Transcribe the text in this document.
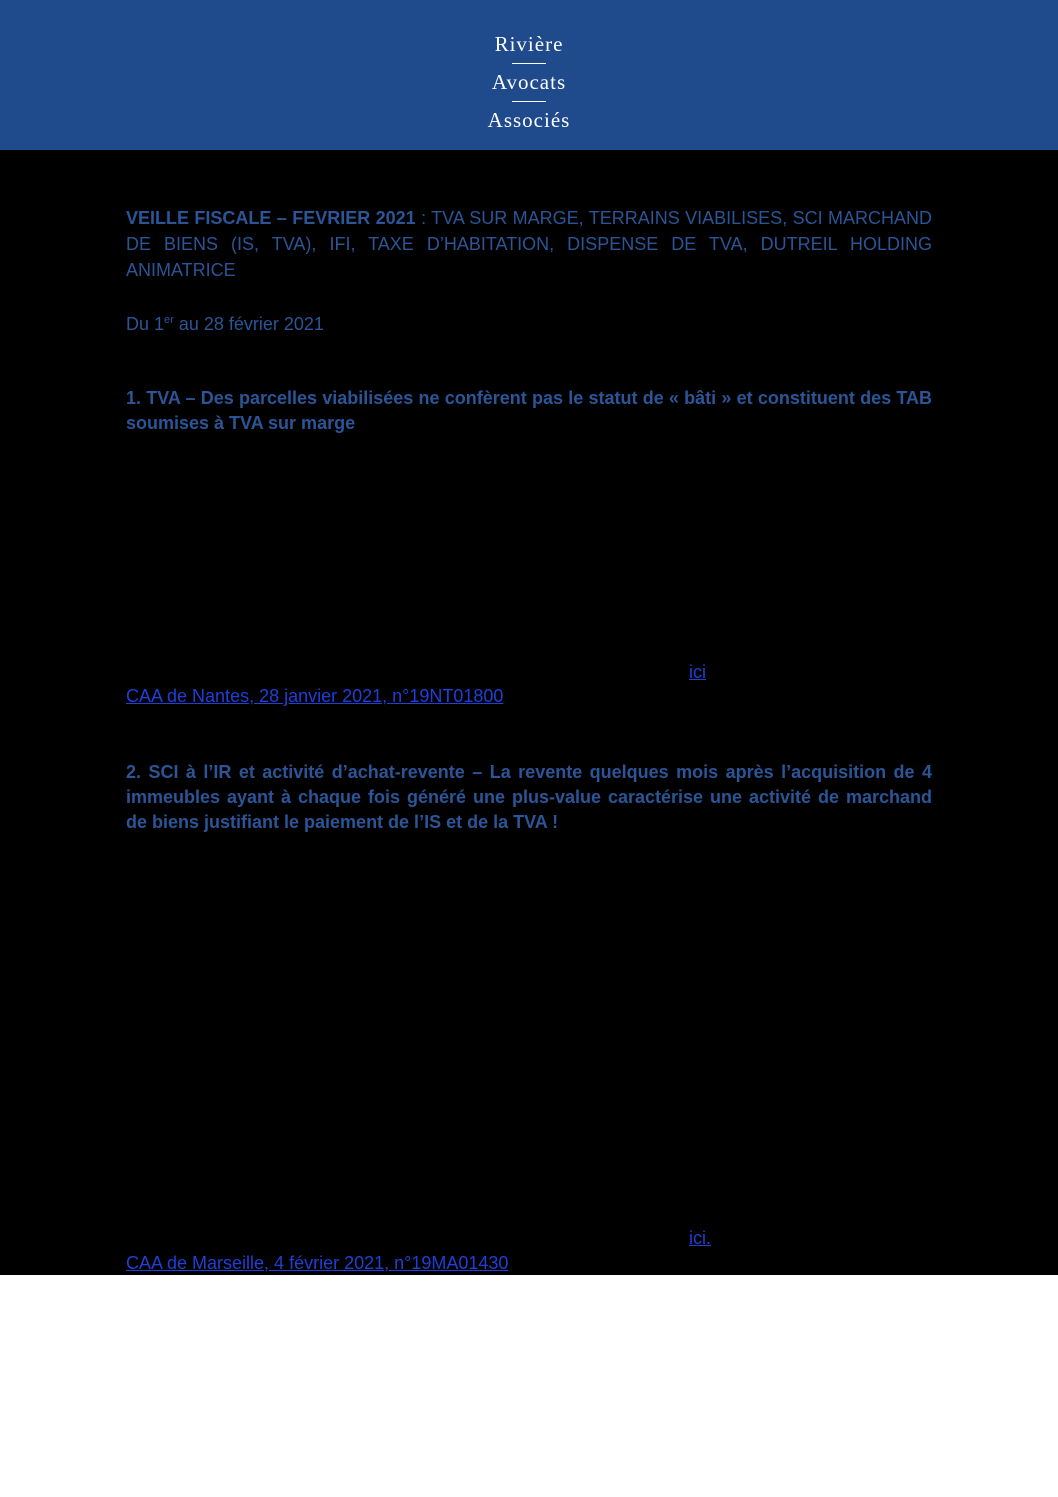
Rivière
Avocats
Associés

VEILLE FISCALE – FEVRIER 2021 : TVA SUR MARGE, TERRAINS VIABILISES, SCI MARCHAND DE BIENS (IS, TVA), IFI, TAXE D’HABITATION, DISPENSE DE TVA, DUTREIL HOLDING ANIMATRICE

Du 1er au 28 février 2021

1. TVA – Des parcelles viabilisées ne confèrent pas le statut de « bâti » et constituent des TAB soumises à TVA sur marge

ici
CAA de Nantes, 28 janvier 2021, n°19NT01800

2. SCI à l’IR et activité d’achat-revente – La revente quelques mois après l’acquisition de 4 immeubles ayant à chaque fois généré une plus-value caractérise une activité de marchand de biens justifiant le paiement de l’IS et de la TVA !

ici.
CAA de Marseille, 4 février 2021, n°19MA01430
